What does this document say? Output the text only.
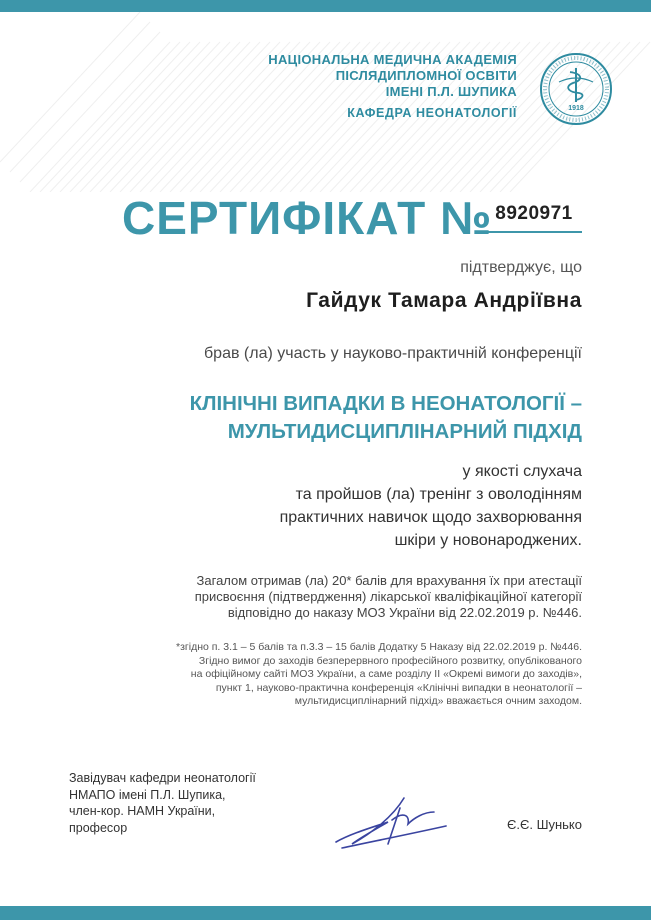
НАЦІОНАЛЬНА МЕДИЧНА АКАДЕМІЯ
ПІСЛЯДИПЛОМНОЇ ОСВІТИ
ІМЕНІ П.Л. ШУПИКА
КАФЕДРА НЕОНАТОЛОГІЇ	1918
СЕРТИФІКАТ № 8920971
підтверджує, що
Гайдук Тамара Андріївна
брав (ла) участь у науково-практичній конференції
КЛІНІЧНІ ВИПАДКИ В НЕОНАТОЛОГІЇ –
МУЛЬТИДИСЦИПЛІНАРНИЙ ПІДХІД
у якості слухача
та пройшов (ла) тренінг з оволодінням
практичних навичок щодо захворювання
шкіри у новонароджених.
Загалом отримав (ла) 20* балів для врахування їх при атестації
присвоєння (підтвердження) лікарської кваліфікаційної категорії
відповідно до наказу МОЗ України від 22.02.2019 р. №446.
*згідно п. 3.1 – 5 балів та п.3.3 – 15 балів Додатку 5 Наказу від 22.02.2019 р. №446.
Згідно вимог до заходів безперервного професійного розвитку, опублікованого
на офіційному сайті МОЗ України, а саме розділу ІІ «Окремі вимоги до заходів»,
пункт 1, науково-практична конференція «Клінічні випадки в неонатології –
мультидисциплінарний підхід» вважається очним заходом.
Завідувач кафедри неонатології
НМАПО імені П.Л. Шупика,
член-кор. НАМН України,
професор	Є.Є. Шунько
